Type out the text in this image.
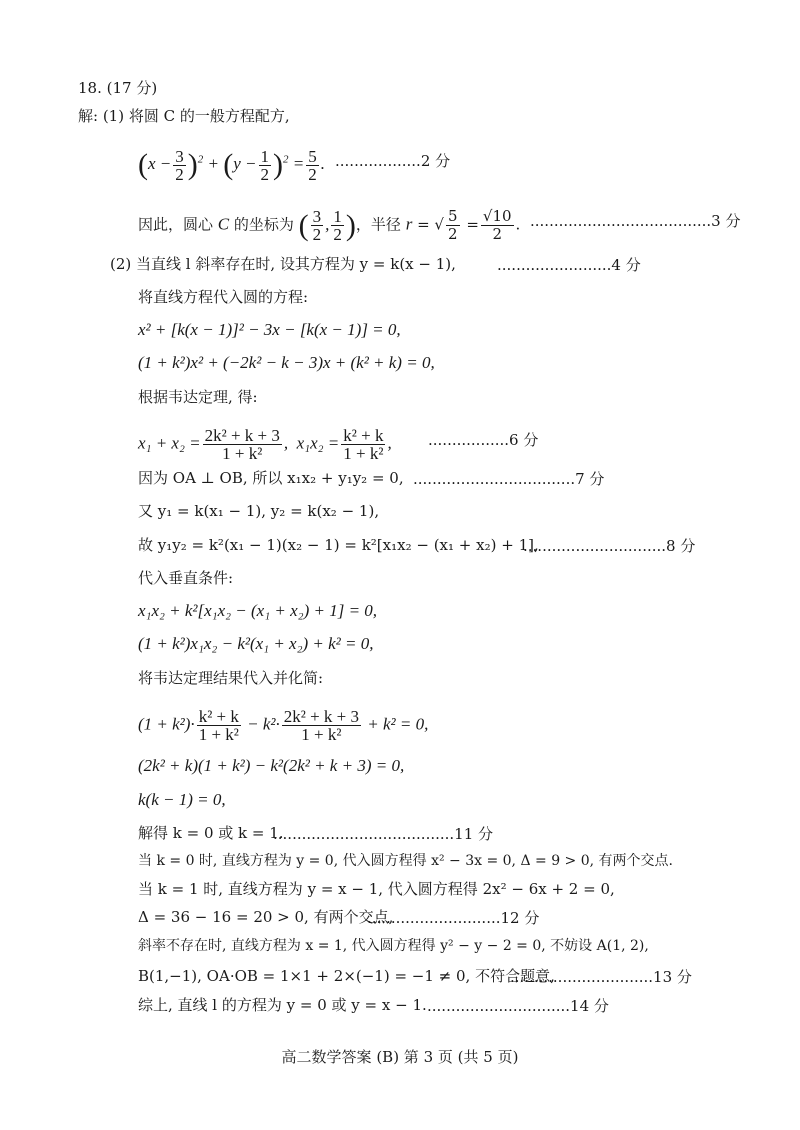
18. (17 分)
解: (1) 将圆 C 的一般方程配方,
$(x - \frac{3}{2} )^2 + (y - \frac{1}{2} )^2 = \frac{5}{2}$ . ..................2 分
因此，圆心 C 的坐标为 ( $\frac{3}{2}$ , $\frac{1}{2}$ )，半径 r = √ $\frac{5}{2} = \frac{√10}{2}$ . ......................................3 分
(2) 当直线 l 斜率存在时, 设其方程为 y = k(x − 1),	........................4 分
将直线方程代入圆的方程:
x² + [k(x − 1)]² − 3x − [k(x − 1)] = 0,
(1 + k²)x² + (−2k² − k − 3)x + (k² + k) = 0,
根据韦达定理, 得:
$x_1 + x_2 = \frac{\text{2k² + k + 3}}{\text{1 + k²}}$ ,  $x_1x_2 = \frac{\text{k² + k}}{\text{1 + k²}}$ , .................6 分
因为 OA ⊥ OB, 所以 x₁x₂ + y₁y₂ = 0, ..................................7 分
又 y₁ = k(x₁ − 1), y₂ = k(x₂ − 1),
故 y₁y₂ = k²(x₁ − 1)(x₂ − 1) = k²[x₁x₂ − (x₁ + x₂) + 1],
..............................8 分
代入垂直条件:
x₁x₂ + k²[x₁x₂ − (x₁ + x₂) + 1] = 0,
(1 + k²)x₁x₂ − k²(x₁ + x₂) + k² = 0,
将韦达定理结果代入并化简:
$(1 + k^2)\cdot \frac{\text{k² + k}}{\text{1 + k²}} - k^2\cdot \frac{\text{2k² + k + 3}}{\text{1 + k²}} + k^2 = 0$,
(2k² + k)(1 + k²) − k²(2k² + k + 3) = 0,
k(k − 1) = 0,
解得 k = 0 或 k = 1.
......................................11 分
当 k = 0 时, 直线方程为 y = 0, 代入圆方程得 x² − 3x = 0, Δ = 9 > 0, 有两个交点.
当 k = 1 时, 直线方程为 y = x − 1, 代入圆方程得 2x² − 6x + 2 = 0,
Δ = 36 − 16 = 20 > 0, 有两个交点,
............................12 分
斜率不存在时, 直线方程为 x = 1, 代入圆方程得 y² − y − 2 = 0, 不妨设 A(1, 2),
B(1,−1), OA·OB = 1×1 + 2×(−1) = −1 ≠ 0, 不符合题意,
..............................13 分
综上, 直线 l 的方程为 y = 0 或 y = x − 1. ..............................14 分
高二数学答案 (B) 第 3 页 (共 5 页)
